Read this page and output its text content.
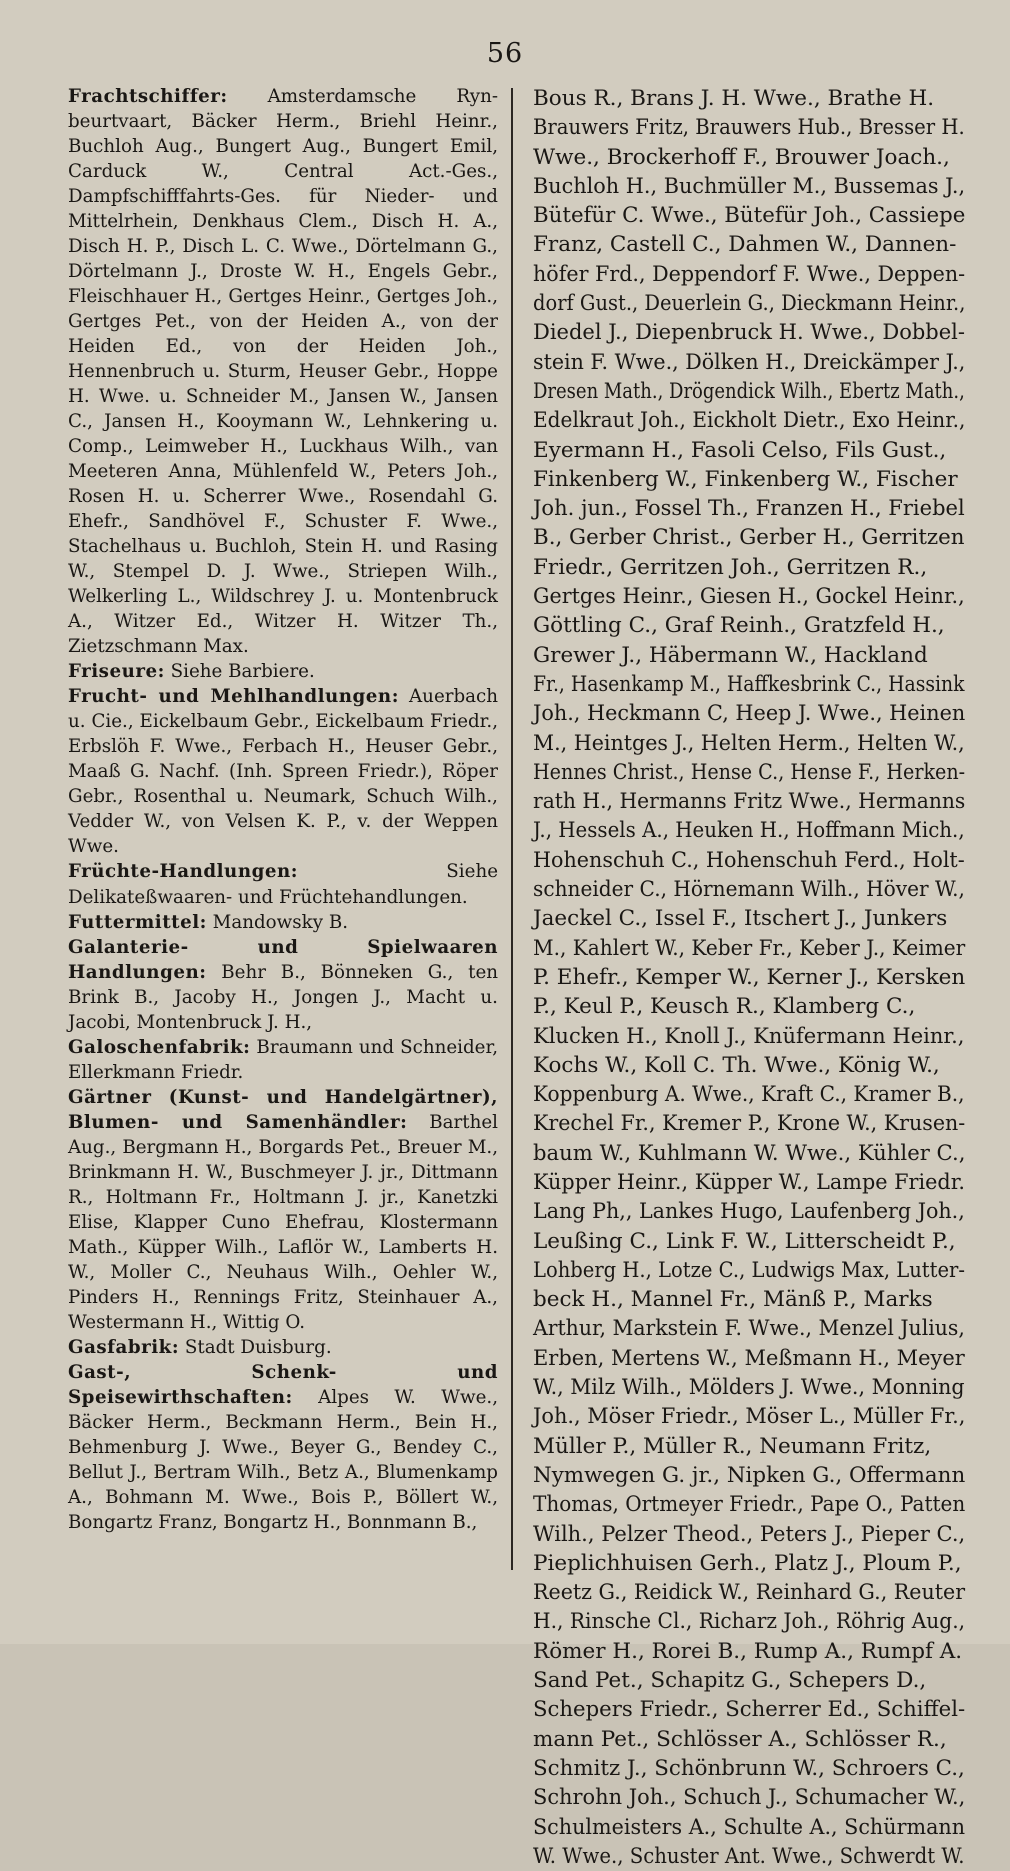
56

Frachtschiffer: Amsterdamsche Ryn-beurtvaart, Bäcker Herm., Briehl Heinr., Buchloh Aug., Bungert Aug., Bungert Emil, Carduck W., Central Act.-Ges., Dampfschifffahrts-Ges. für Nieder- und Mittelrhein, Denkhaus Clem., Disch H. A., Disch H. P., Disch L. C. Wwe., Dörtelmann G., Dörtelmann J., Droste W. H., Engels Gebr., Fleischhauer H., Gertges Heinr., Gertges Joh., Gertges Pet., von der Heiden A., von der Heiden Ed., von der Heiden Joh., Hennenbruch u. Sturm, Heuser Gebr., Hoppe H. Wwe. u. Schneider M., Jansen W., Jansen C., Jansen H., Kooymann W., Lehnkering u. Comp., Leimweber H., Luckhaus Wilh., van Meeteren Anna, Mühlenfeld W., Peters Joh., Rosen H. u. Scherrer Wwe., Rosendahl G. Ehefr., Sandhövel F., Schuster F. Wwe., Stachelhaus u. Buchloh, Stein H. und Rasing W., Stempel D. J. Wwe., Striepen Wilh., Welkerling L., Wildschrey J. u. Montenbruck A., Witzer Ed., Witzer H. Witzer Th., Zietzschmann Max.

Friseure: Siehe Barbiere.

Frucht- und Mehlhandlungen: Auerbach u. Cie., Eickelbaum Gebr., Eickelbaum Friedr., Erbslöh F. Wwe., Ferbach H., Heuser Gebr., Maaß G. Nachf. (Inh. Spreen Friedr.), Röper Gebr., Rosenthal u. Neumark, Schuch Wilh., Vedder W., von Velsen K. P., v. der Weppen Wwe.

Früchte-Handlungen: Siehe Delikateßwaaren- und Früchtehandlungen.

Futtermittel: Mandowsky B.

Galanterie- und Spielwaaren Handlungen: Behr B., Bönneken G., ten Brink B., Jacoby H., Jongen J., Macht u. Jacobi, Montenbruck J. H.,

Galoschenfabrik: Braumann und Schneider, Ellerkmann Friedr.

Gärtner (Kunst- und Handelgärtner), Blumen- und Samenhändler: Barthel Aug., Bergmann H., Borgards Pet., Breuer M., Brinkmann H. W., Buschmeyer J. jr., Dittmann R., Holtmann Fr., Holtmann J. jr., Kanetzki Elise, Klapper Cuno Ehefrau, Klostermann Math., Küpper Wilh., Laflör W., Lamberts H. W., Moller C., Neuhaus Wilh., Oehler W., Pinders H., Rennings Fritz, Steinhauer A., Westermann H., Wittig O.

Gasfabrik: Stadt Duisburg.

Gast-, Schenk- und Speisewirthschaften: Alpes W. Wwe., Bäcker Herm., Beckmann Herm., Bein H., Behmenburg J. Wwe., Beyer G., Bendey C., Bellut J., Bertram Wilh., Betz A., Blumenkamp A., Bohmann M. Wwe., Bois P., Böllert W., Bongartz Franz, Bongartz H., Bonnmann B.,

Bous R., Brans J. H. Wwe., Brathe H.
Brauwers Fritz, Brauwers Hub., Bresser H.
Wwe., Brockerhoff F., Brouwer Joach.,
Buchloh H., Buchmüller M., Bussemas J.,
Bütefür C. Wwe., Bütefür Joh., Cassiepe
Franz, Castell C., Dahmen W., Dannen-
höfer Frd., Deppendorf F. Wwe., Deppen-
dorf Gust., Deuerlein G., Dieckmann Heinr.,
Diedel J., Diepenbruck H. Wwe., Dobbel-
stein F. Wwe., Dölken H., Dreickämper J.,
Dresen Math., Drögendick Wilh., Ebertz Math.,
Edelkraut Joh., Eickholt Dietr., Exo Heinr.,
Eyermann H., Fasoli Celso, Fils Gust.,
Finkenberg W., Finkenberg W., Fischer
Joh. jun., Fossel Th., Franzen H., Friebel
B., Gerber Christ., Gerber H., Gerritzen
Friedr., Gerritzen Joh., Gerritzen R.,
Gertges Heinr., Giesen H., Gockel Heinr.,
Göttling C., Graf Reinh., Gratzfeld H.,
Grewer J., Häbermann W., Hackland
Fr., Hasenkamp M., Haffkesbrink C., Hassink
Joh., Heckmann C, Heep J. Wwe., Heinen
M., Heintges J., Helten Herm., Helten W.,
Hennes Christ., Hense C., Hense F., Herken-
rath H., Hermanns Fritz Wwe., Hermanns
J., Hessels A., Heuken H., Hoffmann Mich.,
Hohenschuh C., Hohenschuh Ferd., Holt-
schneider C., Hörnemann Wilh., Höver W.,
Jaeckel C., Issel F., Itschert J., Junkers
M., Kahlert W., Keber Fr., Keber J., Keimer
P. Ehefr., Kemper W., Kerner J., Kersken
P., Keul P., Keusch R., Klamberg C.,
Klucken H., Knoll J., Knüfermann Heinr.,
Kochs W., Koll C. Th. Wwe., König W.,
Koppenburg A. Wwe., Kraft C., Kramer B.,
Krechel Fr., Kremer P., Krone W., Krusen-
baum W., Kuhlmann W. Wwe., Kühler C.,
Küpper Heinr., Küpper W., Lampe Friedr.
Lang Ph,, Lankes Hugo, Laufenberg Joh.,
Leußing C., Link F. W., Litterscheidt P.,
Lohberg H., Lotze C., Ludwigs Max, Lutter-
beck H., Mannel Fr., Mänß P., Marks
Arthur, Markstein F. Wwe., Menzel Julius,
Erben, Mertens W., Meßmann H., Meyer
W., Milz Wilh., Mölders J. Wwe., Monning
Joh., Möser Friedr., Möser L., Müller Fr.,
Müller P., Müller R., Neumann Fritz,
Nymwegen G. jr., Nipken G., Offermann
Thomas, Ortmeyer Friedr., Pape O., Patten
Wilh., Pelzer Theod., Peters J., Pieper C.,
Pieplichhuisen Gerh., Platz J., Ploum P.,
Reetz G., Reidick W., Reinhard G., Reuter
H., Rinsche Cl., Richarz Joh., Röhrig Aug.,
Römer H., Rorei B., Rump A., Rumpf A.
Sand Pet., Schapitz G., Schepers D.,
Schepers Friedr., Scherrer Ed., Schiffel-
mann Pet., Schlösser A., Schlösser R.,
Schmitz J., Schönbrunn W., Schroers C.,
Schrohn Joh., Schuch J., Schumacher W.,
Schulmeisters A., Schulte A., Schürmann
W. Wwe., Schuster Ant. Wwe., Schwerdt W.
